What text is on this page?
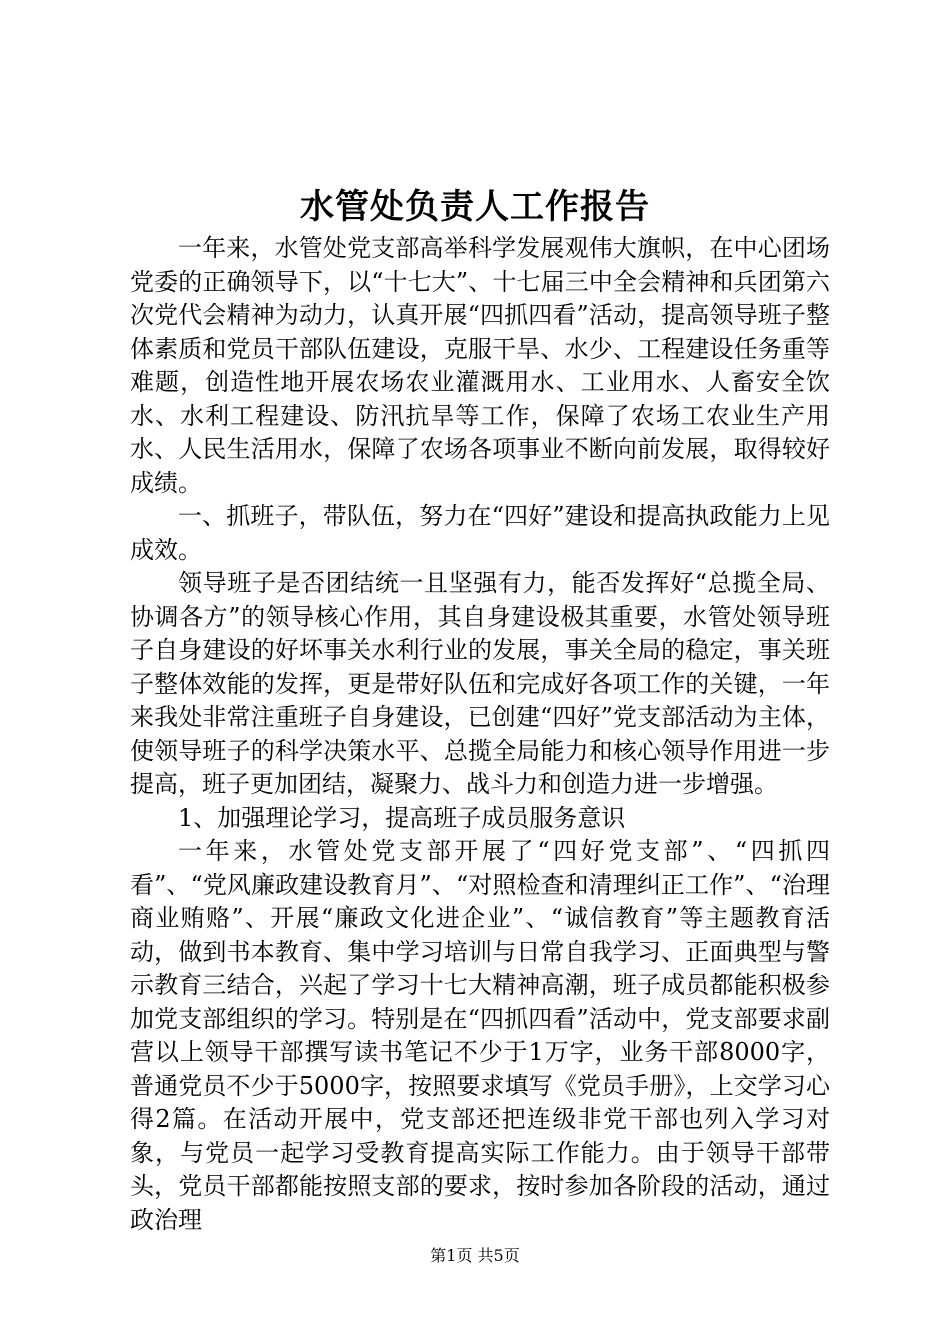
水管处负责人工作报告

一年来，水管处党支部高举科学发展观伟大旗帜，在中心团场党委的正确领导下，以“十七大”、十七届三中全会精神和兵团第六次党代会精神为动力，认真开展“四抓四看”活动，提高领导班子整体素质和党员干部队伍建设，克服干旱、水少、工程建设任务重等难题，创造性地开展农场农业灌溉用水、工业用水、人畜安全饮水、水利工程建设、防汛抗旱等工作，保障了农场工农业生产用水、人民生活用水，保障了农场各项事业不断向前发展，取得较好成绩。

一、抓班子，带队伍，努力在“四好”建设和提高执政能力上见成效。

领导班子是否团结统一且坚强有力，能否发挥好“总揽全局、协调各方”的领导核心作用，其自身建设极其重要，水管处领导班子自身建设的好坏事关水利行业的发展，事关全局的稳定，事关班子整体效能的发挥，更是带好队伍和完成好各项工作的关键，一年来我处非常注重班子自身建设，已创建“四好”党支部活动为主体，使领导班子的科学决策水平、总揽全局能力和核心领导作用进一步提高，班子更加团结，凝聚力、战斗力和创造力进一步增强。

1、加强理论学习，提高班子成员服务意识

一年来，水管处党支部开展了“四好党支部”、“四抓四看”、“党风廉政建设教育月”、“对照检查和清理纠正工作”、“治理商业贿赂”、开展“廉政文化进企业”、“诚信教育”等主题教育活动，做到书本教育、集中学习培训与日常自我学习、正面典型与警示教育三结合，兴起了学习十七大精神高潮，班子成员都能积极参加党支部组织的学习。特别是在“四抓四看”活动中，党支部要求副营以上领导干部撰写读书笔记不少于1万字，业务干部8000字，普通党员不少于5000字，按照要求填写《党员手册》，上交学习心得2篇。在活动开展中，党支部还把连级非党干部也列入学习对象，与党员一起学习受教育提高实际工作能力。由于领导干部带头，党员干部都能按照支部的要求，按时参加各阶段的活动，通过政治理

第1页 共5页
